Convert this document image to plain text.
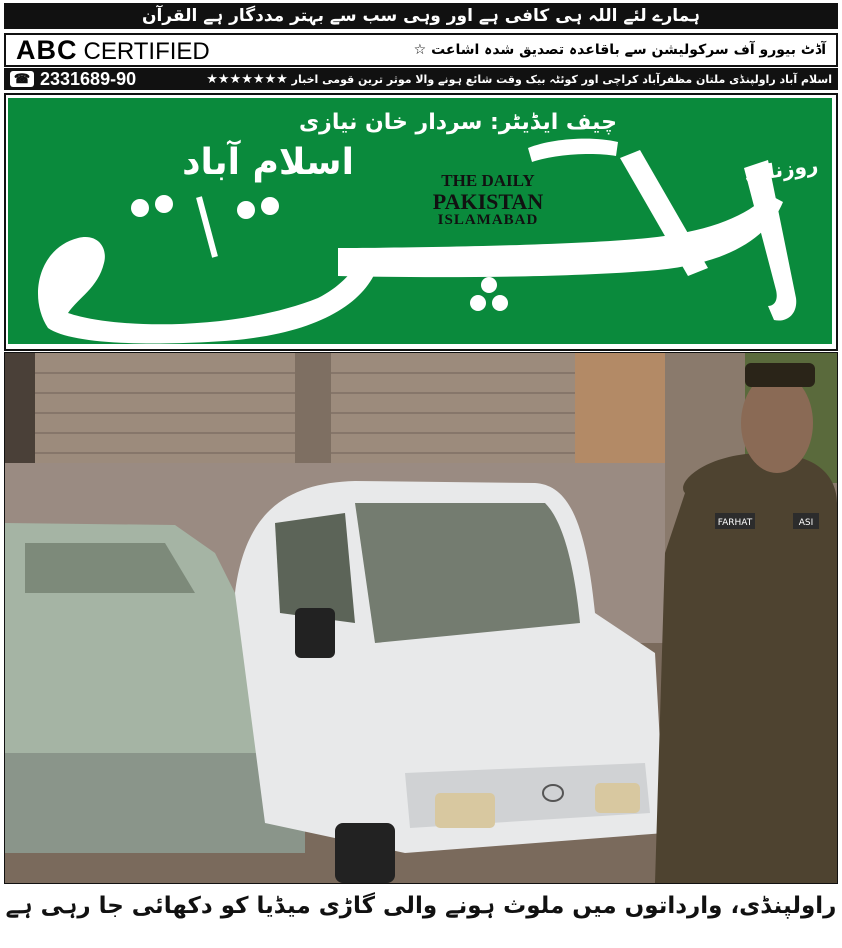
ہمارے لئے اللہ ہی کافی ہے اور وہی سب سے بہتر مددگار ہے القرآن
ABC CERTIFIED	آڈٹ بیورو آف سرکولیشن سے باقاعدہ تصدیق شدہ اشاعت ☆
☎ 2331689-90	اسلام آباد راولپنڈی ملتان مظفرآباد کراچی اور کوئٹہ بیک وقت شائع ہونے والا موثر ترین قومی اخبار ★★★★★★★
چیف ایڈیٹر: سردار خان نیازی
اسلام آباد	روزنامہ
THE DAILY
PAKISTAN
ISLAMABAD
FARHAT	ASI
راولپنڈی، وارداتوں میں ملوث ہونے والی گاڑی میڈیا کو دکھائی جا رہی ہے
